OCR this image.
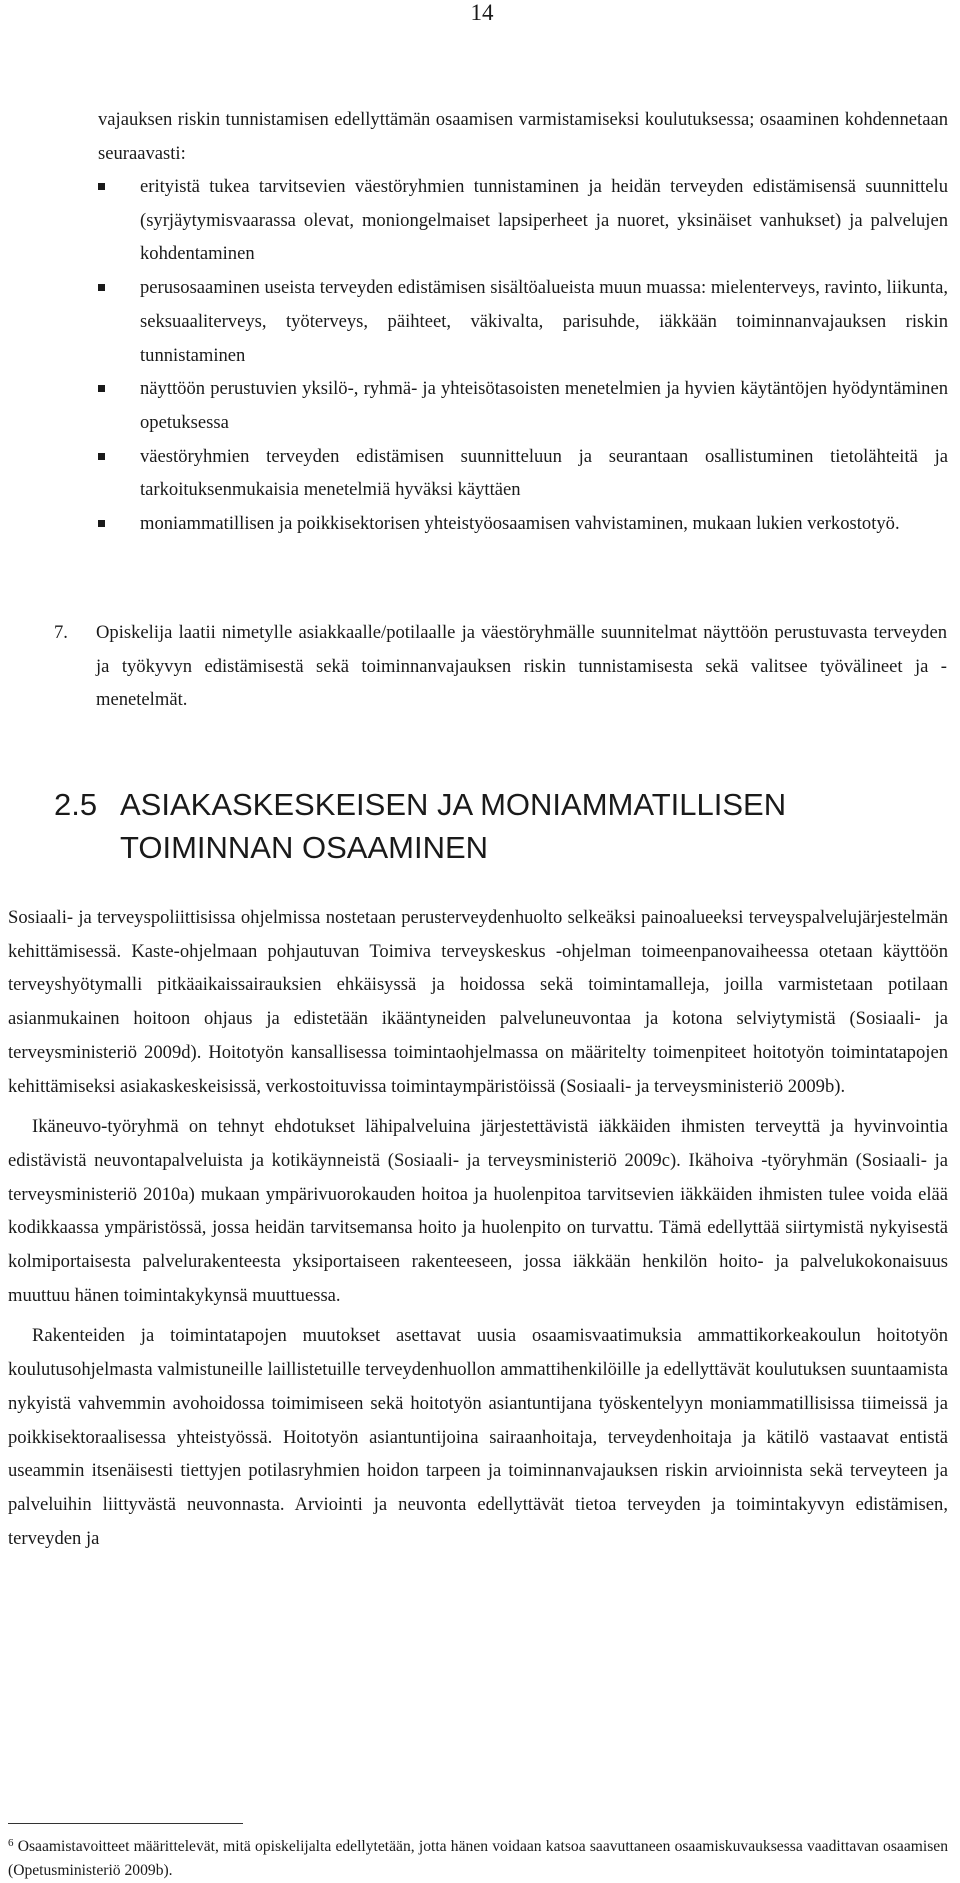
14

vajauksen riskin tunnistamisen edellyttämän osaamisen varmistamiseksi koulutuksessa; osaaminen kohdennetaan seuraavasti:

erityistä tukea tarvitsevien väestöryhmien tunnistaminen ja heidän terveyden edistämisensä suunnittelu (syrjäytymisvaarassa olevat, moniongelmaiset lapsiperheet ja nuoret, yksinäiset vanhukset) ja palvelujen kohdentaminen
perusosaaminen useista terveyden edistämisen sisältöalueista muun muassa: mielenterveys, ravinto, liikunta, seksuaaliterveys, työterveys, päihteet, väkivalta, parisuhde, iäkkään toiminnanvajauksen riskin tunnistaminen
näyttöön perustuvien yksilö-, ryhmä- ja yhteisötasoisten menetelmien ja hyvien käytäntöjen hyödyntäminen opetuksessa
väestöryhmien terveyden edistämisen suunnitteluun ja seurantaan osallistuminen tietolähteitä ja tarkoituksenmukaisia menetelmiä hyväksi käyttäen
moniammatillisen ja poikkisektorisen yhteistyöosaamisen vahvistaminen, mukaan lukien verkostotyö.
7. Opiskelija laatii nimetylle asiakkaalle/potilaalle ja väestöryhmälle suunnitelmat näyttöön perustuvasta terveyden ja työkyvyn edistämisestä sekä toiminnanvajauksen riskin tunnistamisesta sekä valitsee työvälineet ja -menetelmät.
2.5 ASIAKASKESKEISEN JA MONIAMMATILLISEN
TOIMINNAN OSAAMINEN

Sosiaali- ja terveyspoliittisissa ohjelmissa nostetaan perusterveydenhuolto selkeäksi painoalueeksi terveyspalvelujärjestelmän kehittämisessä. Kaste-ohjelmaan pohjautuvan Toimiva terveyskeskus -ohjelman toimeenpanovaiheessa otetaan käyttöön terveyshyötymalli pitkäaikaissairauksien ehkäisyssä ja hoidossa sekä toimintamalleja, joilla varmistetaan potilaan asianmukainen hoitoon ohjaus ja edistetään ikääntyneiden palveluneuvontaa ja kotona selviytymistä (Sosiaali- ja terveysministeriö 2009d). Hoitotyön kansallisessa toimintaohjelmassa on määritelty toimenpiteet hoitotyön toimintatapojen kehittämiseksi asiakaskeskeisissä, verkostoituvissa toimintaympäristöissä (Sosiaali- ja terveysministeriö 2009b).

Ikäneuvo-työryhmä on tehnyt ehdotukset lähipalveluina järjestettävistä iäkkäiden ihmisten terveyttä ja hyvinvointia edistävistä neuvontapalveluista ja kotikäynneistä (Sosiaali- ja terveysministeriö 2009c). Ikähoiva -työryhmän (Sosiaali- ja terveysministeriö 2010a) mukaan ympärivuorokauden hoitoa ja huolenpitoa tarvitsevien iäkkäiden ihmisten tulee voida elää kodikkaassa ympäristössä, jossa heidän tarvitsemansa hoito ja huolenpito on turvattu. Tämä edellyttää siirtymistä nykyisestä kolmiportaisesta palvelurakenteesta yksiportaiseen rakenteeseen, jossa iäkkään henkilön hoito- ja palvelukokonaisuus muuttuu hänen toimintakykynsä muuttuessa.

Rakenteiden ja toimintatapojen muutokset asettavat uusia osaamisvaatimuksia ammattikorkeakoulun hoitotyön koulutusohjelmasta valmistuneille laillistetuille terveydenhuollon ammattihenkilöille ja edellyttävät koulutuksen suuntaamista nykyistä vahvemmin avohoidossa toimimiseen sekä hoitotyön asiantuntijana työskentelyyn moniammatillisissa tiimeissä ja poikkisektoraalisessa yhteistyössä. Hoitotyön asiantuntijoina sairaanhoitaja, terveydenhoitaja ja kätilö vastaavat entistä useammin itsenäisesti tiettyjen potilasryhmien hoidon tarpeen ja toiminnanvajauksen riskin arvioinnista sekä terveyteen ja palveluihin liittyvästä neuvonnasta. Arviointi ja neuvonta edellyttävät tietoa terveyden ja toimintakyvyn edistämisen, terveyden ja

$^6$ Osaamistavoitteet määrittelevät, mitä opiskelijalta edellytetään, jotta hänen voidaan katsoa saavuttaneen osaamiskuvauksessa vaadittavan osaamisen (Opetusministeriö 2009b).
